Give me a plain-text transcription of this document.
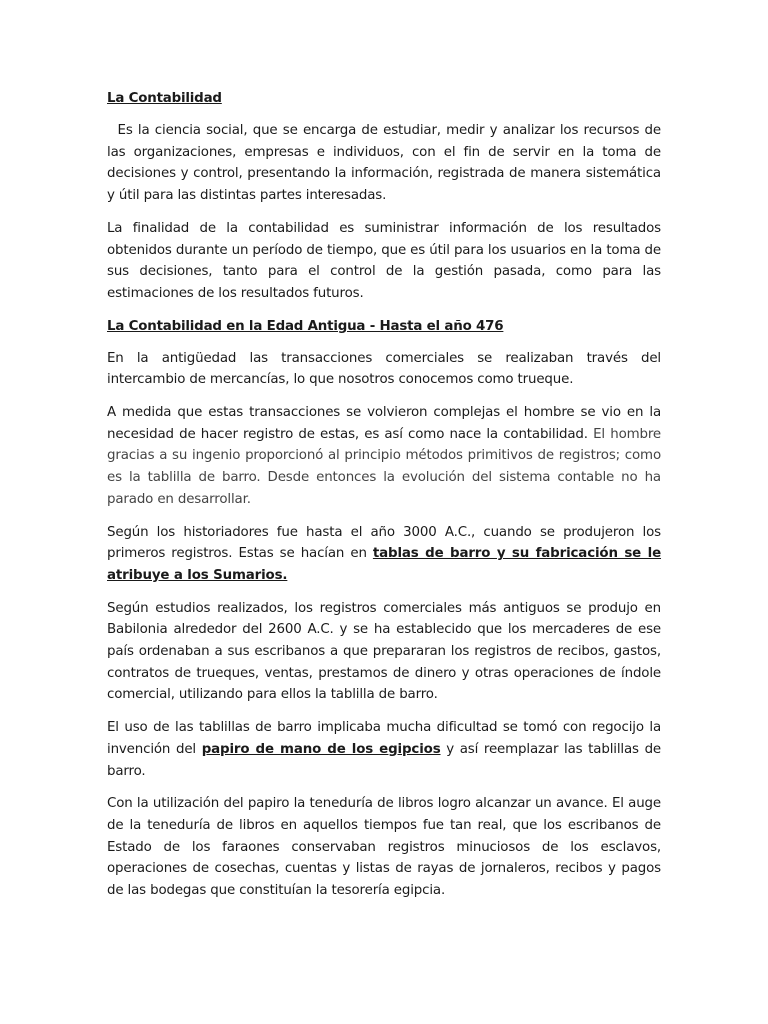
La Contabilidad

Es la ciencia social, que se encarga de estudiar, medir y analizar los recursos de las organizaciones, empresas e individuos, con el fin de servir en la toma de decisiones y control, presentando la información, registrada de manera sistemática y útil para las distintas partes interesadas.

La finalidad de la contabilidad es suministrar información de los resultados obtenidos durante un período de tiempo, que es útil para los usuarios en la toma de sus decisiones, tanto para el control de la gestión pasada, como para las estimaciones de los resultados futuros.

La Contabilidad en la Edad Antigua - Hasta el año 476

En la antigüedad las transacciones comerciales se realizaban través del intercambio de mercancías, lo que nosotros conocemos como trueque.

A medida que estas transacciones se volvieron complejas el hombre se vio en la necesidad de hacer registro de estas, es así como nace la contabilidad. El hombre gracias a su ingenio proporcionó al principio métodos primitivos de registros; como es la tablilla de barro. Desde entonces la evolución del sistema contable no ha parado en desarrollar.

Según los historiadores fue hasta el año 3000 A.C., cuando se produjeron los primeros registros. Estas se hacían en tablas de barro y su fabricación se le atribuye a los Sumarios.

Según estudios realizados, los registros comerciales más antiguos se produjo en Babilonia alrededor del 2600 A.C. y se ha establecido que los mercaderes de ese país ordenaban a sus escribanos a que prepararan los registros de recibos, gastos, contratos de trueques, ventas, prestamos de dinero y otras operaciones de índole comercial, utilizando para ellos la tablilla de barro.

El uso de las tablillas de barro implicaba mucha dificultad se tomó con regocijo la invención del papiro de mano de los egipcios y así reemplazar las tablillas de barro.

Con la utilización del papiro la teneduría de libros logro alcanzar un avance. El auge de la teneduría de libros en aquellos tiempos fue tan real, que los escribanos de Estado de los faraones conservaban registros minuciosos de los esclavos, operaciones de cosechas, cuentas y listas de rayas de jornaleros, recibos y pagos de las bodegas que constituían la tesorería egipcia.
